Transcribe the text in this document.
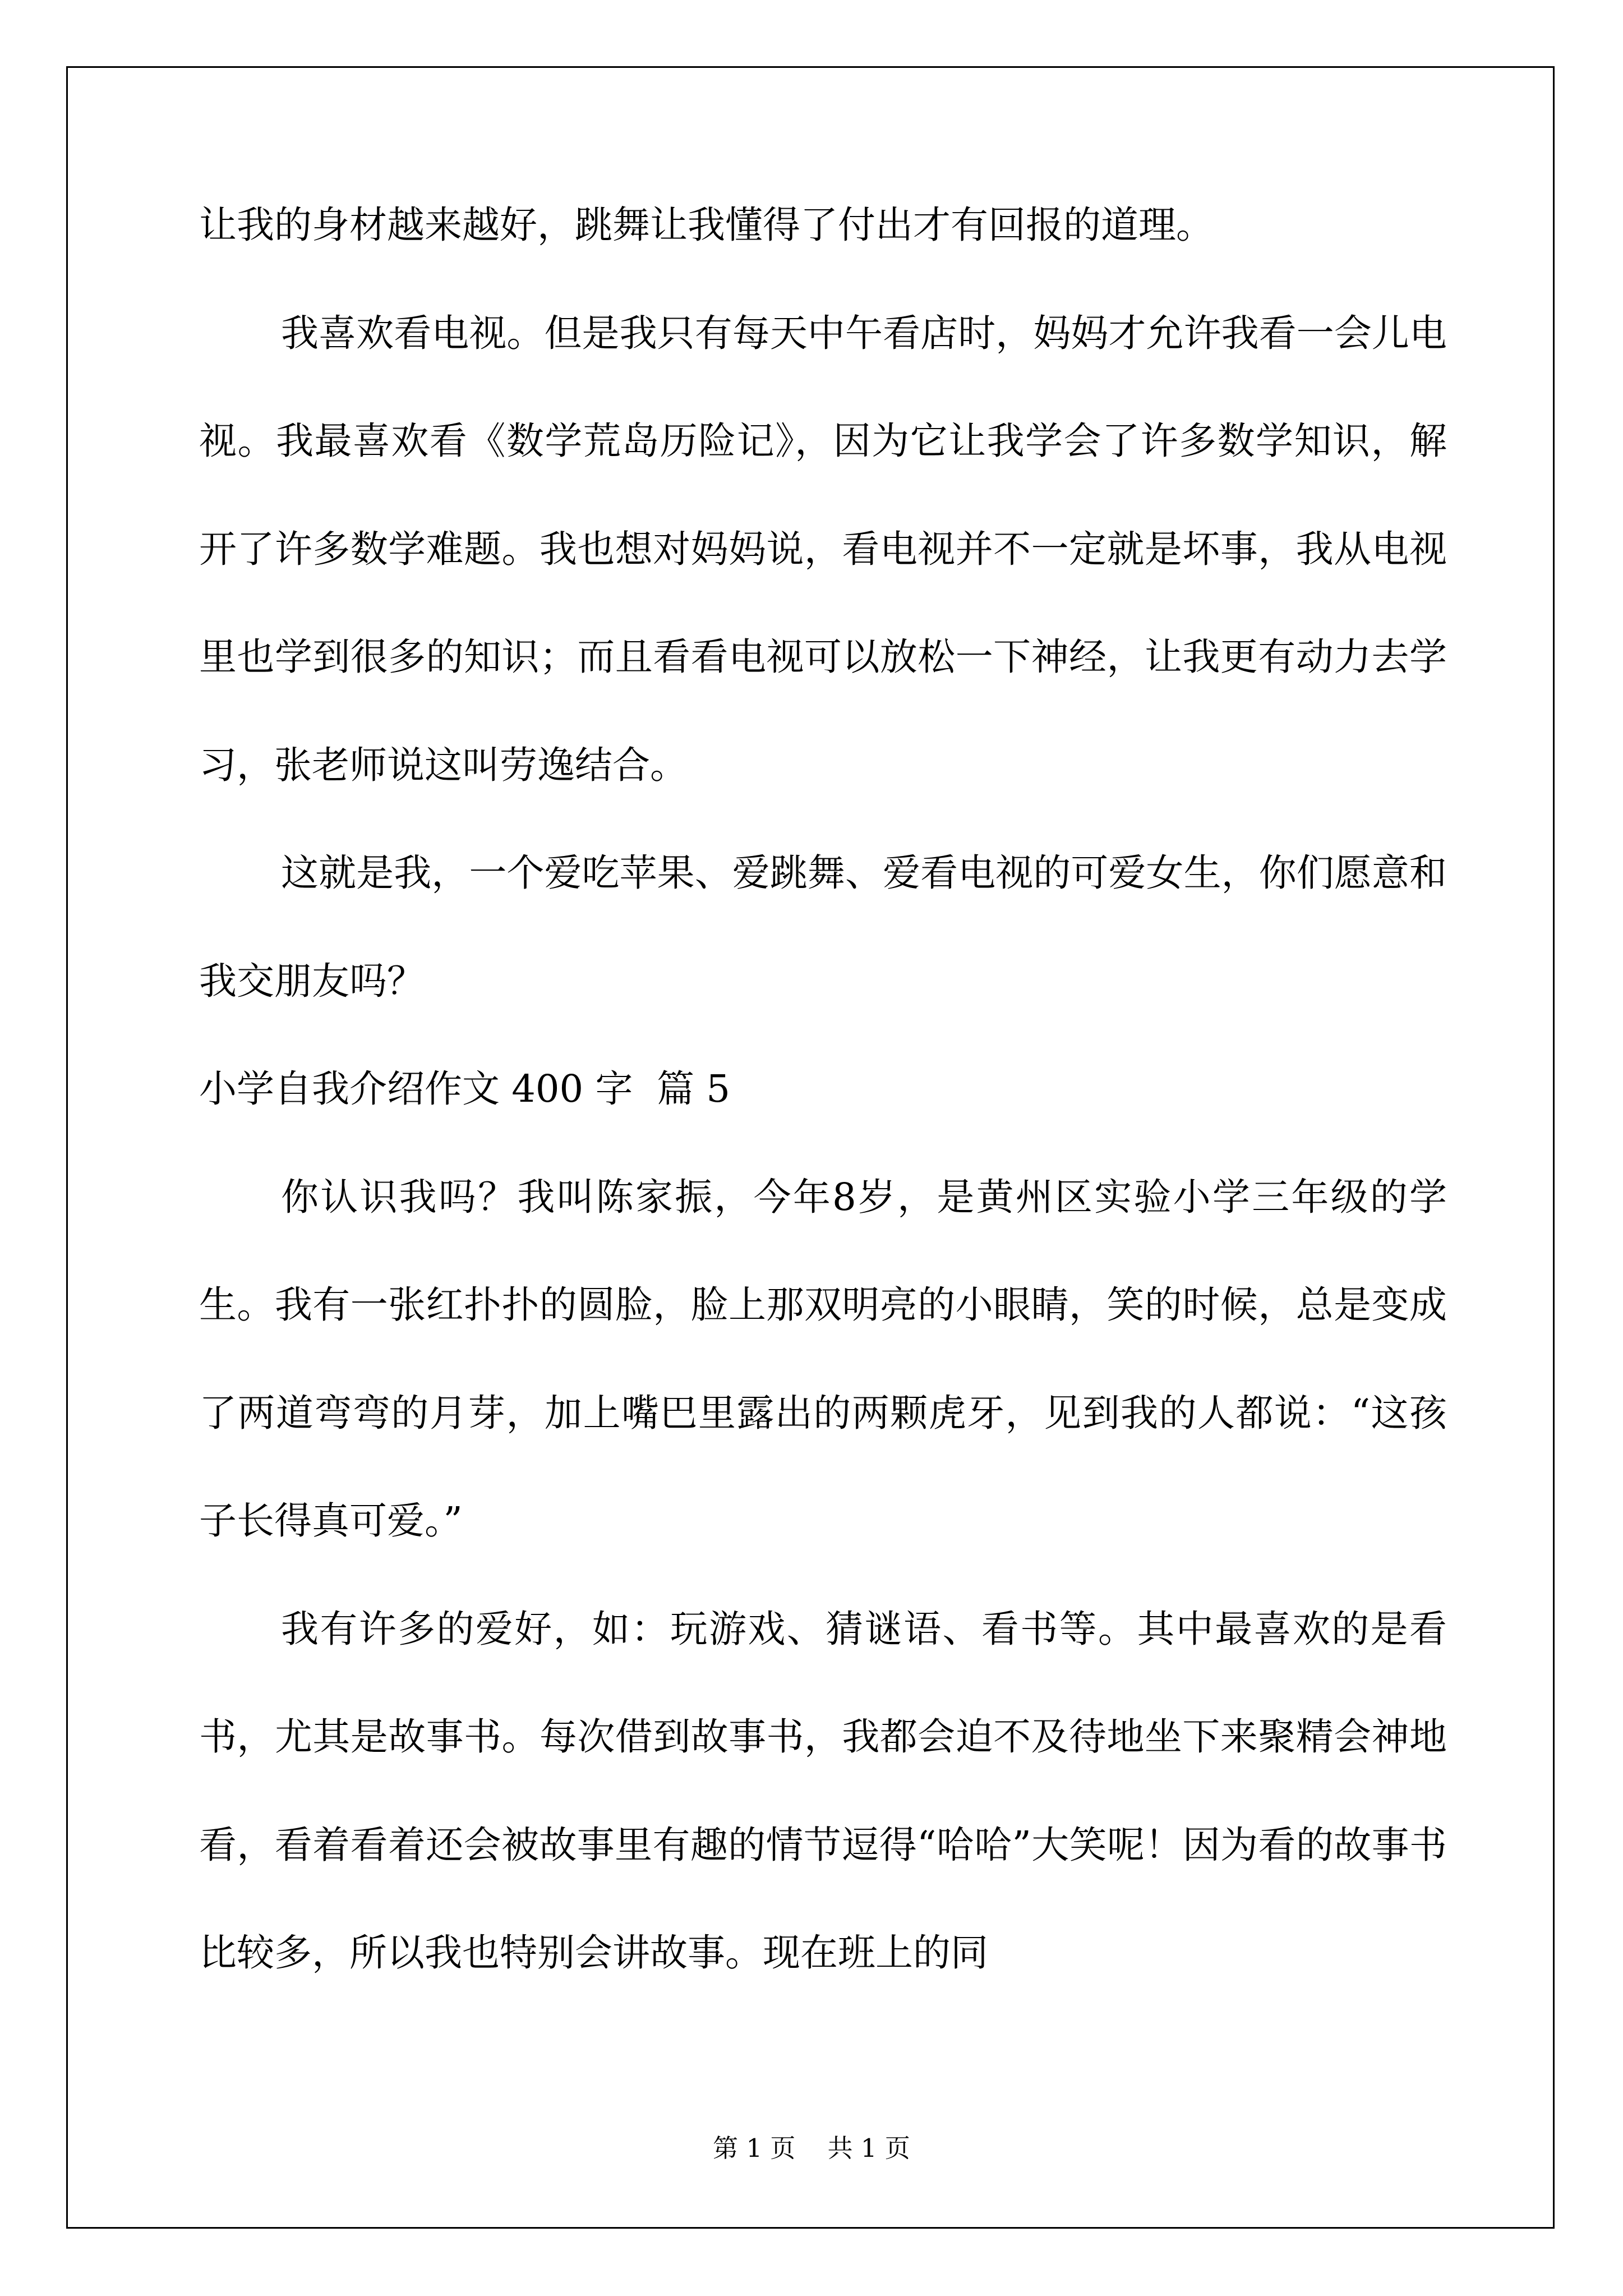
让我的身材越来越好，跳舞让我懂得了付出才有回报的道理。

我喜欢看电视。但是我只有每天中午看店时，妈妈才允许我看一会儿电视。我最喜欢看《数学荒岛历险记》，因为它让我学会了许多数学知识，解开了许多数学难题。我也想对妈妈说，看电视并不一定就是坏事，我从电视里也学到很多的知识；而且看看电视可以放松一下神经，让我更有动力去学习，张老师说这叫劳逸结合。

这就是我，一个爱吃苹果、爱跳舞、爱看电视的可爱女生，你们愿意和我交朋友吗？

小学自我介绍作文 400 字  篇 5

你认识我吗？我叫陈家振，今年8岁，是黄州区实验小学三年级的学生。我有一张红扑扑的圆脸，脸上那双明亮的小眼睛，笑的时候，总是变成了两道弯弯的月芽，加上嘴巴里露出的两颗虎牙，见到我的人都说：“这孩子长得真可爱。”

我有许多的爱好，如：玩游戏、猜谜语、看书等。其中最喜欢的是看书，尤其是故事书。每次借到故事书，我都会迫不及待地坐下来聚精会神地看，看着看着还会被故事里有趣的情节逗得“哈哈”大笑呢！因为看的故事书比较多，所以我也特别会讲故事。现在班上的同

第 1 页    共 1 页
